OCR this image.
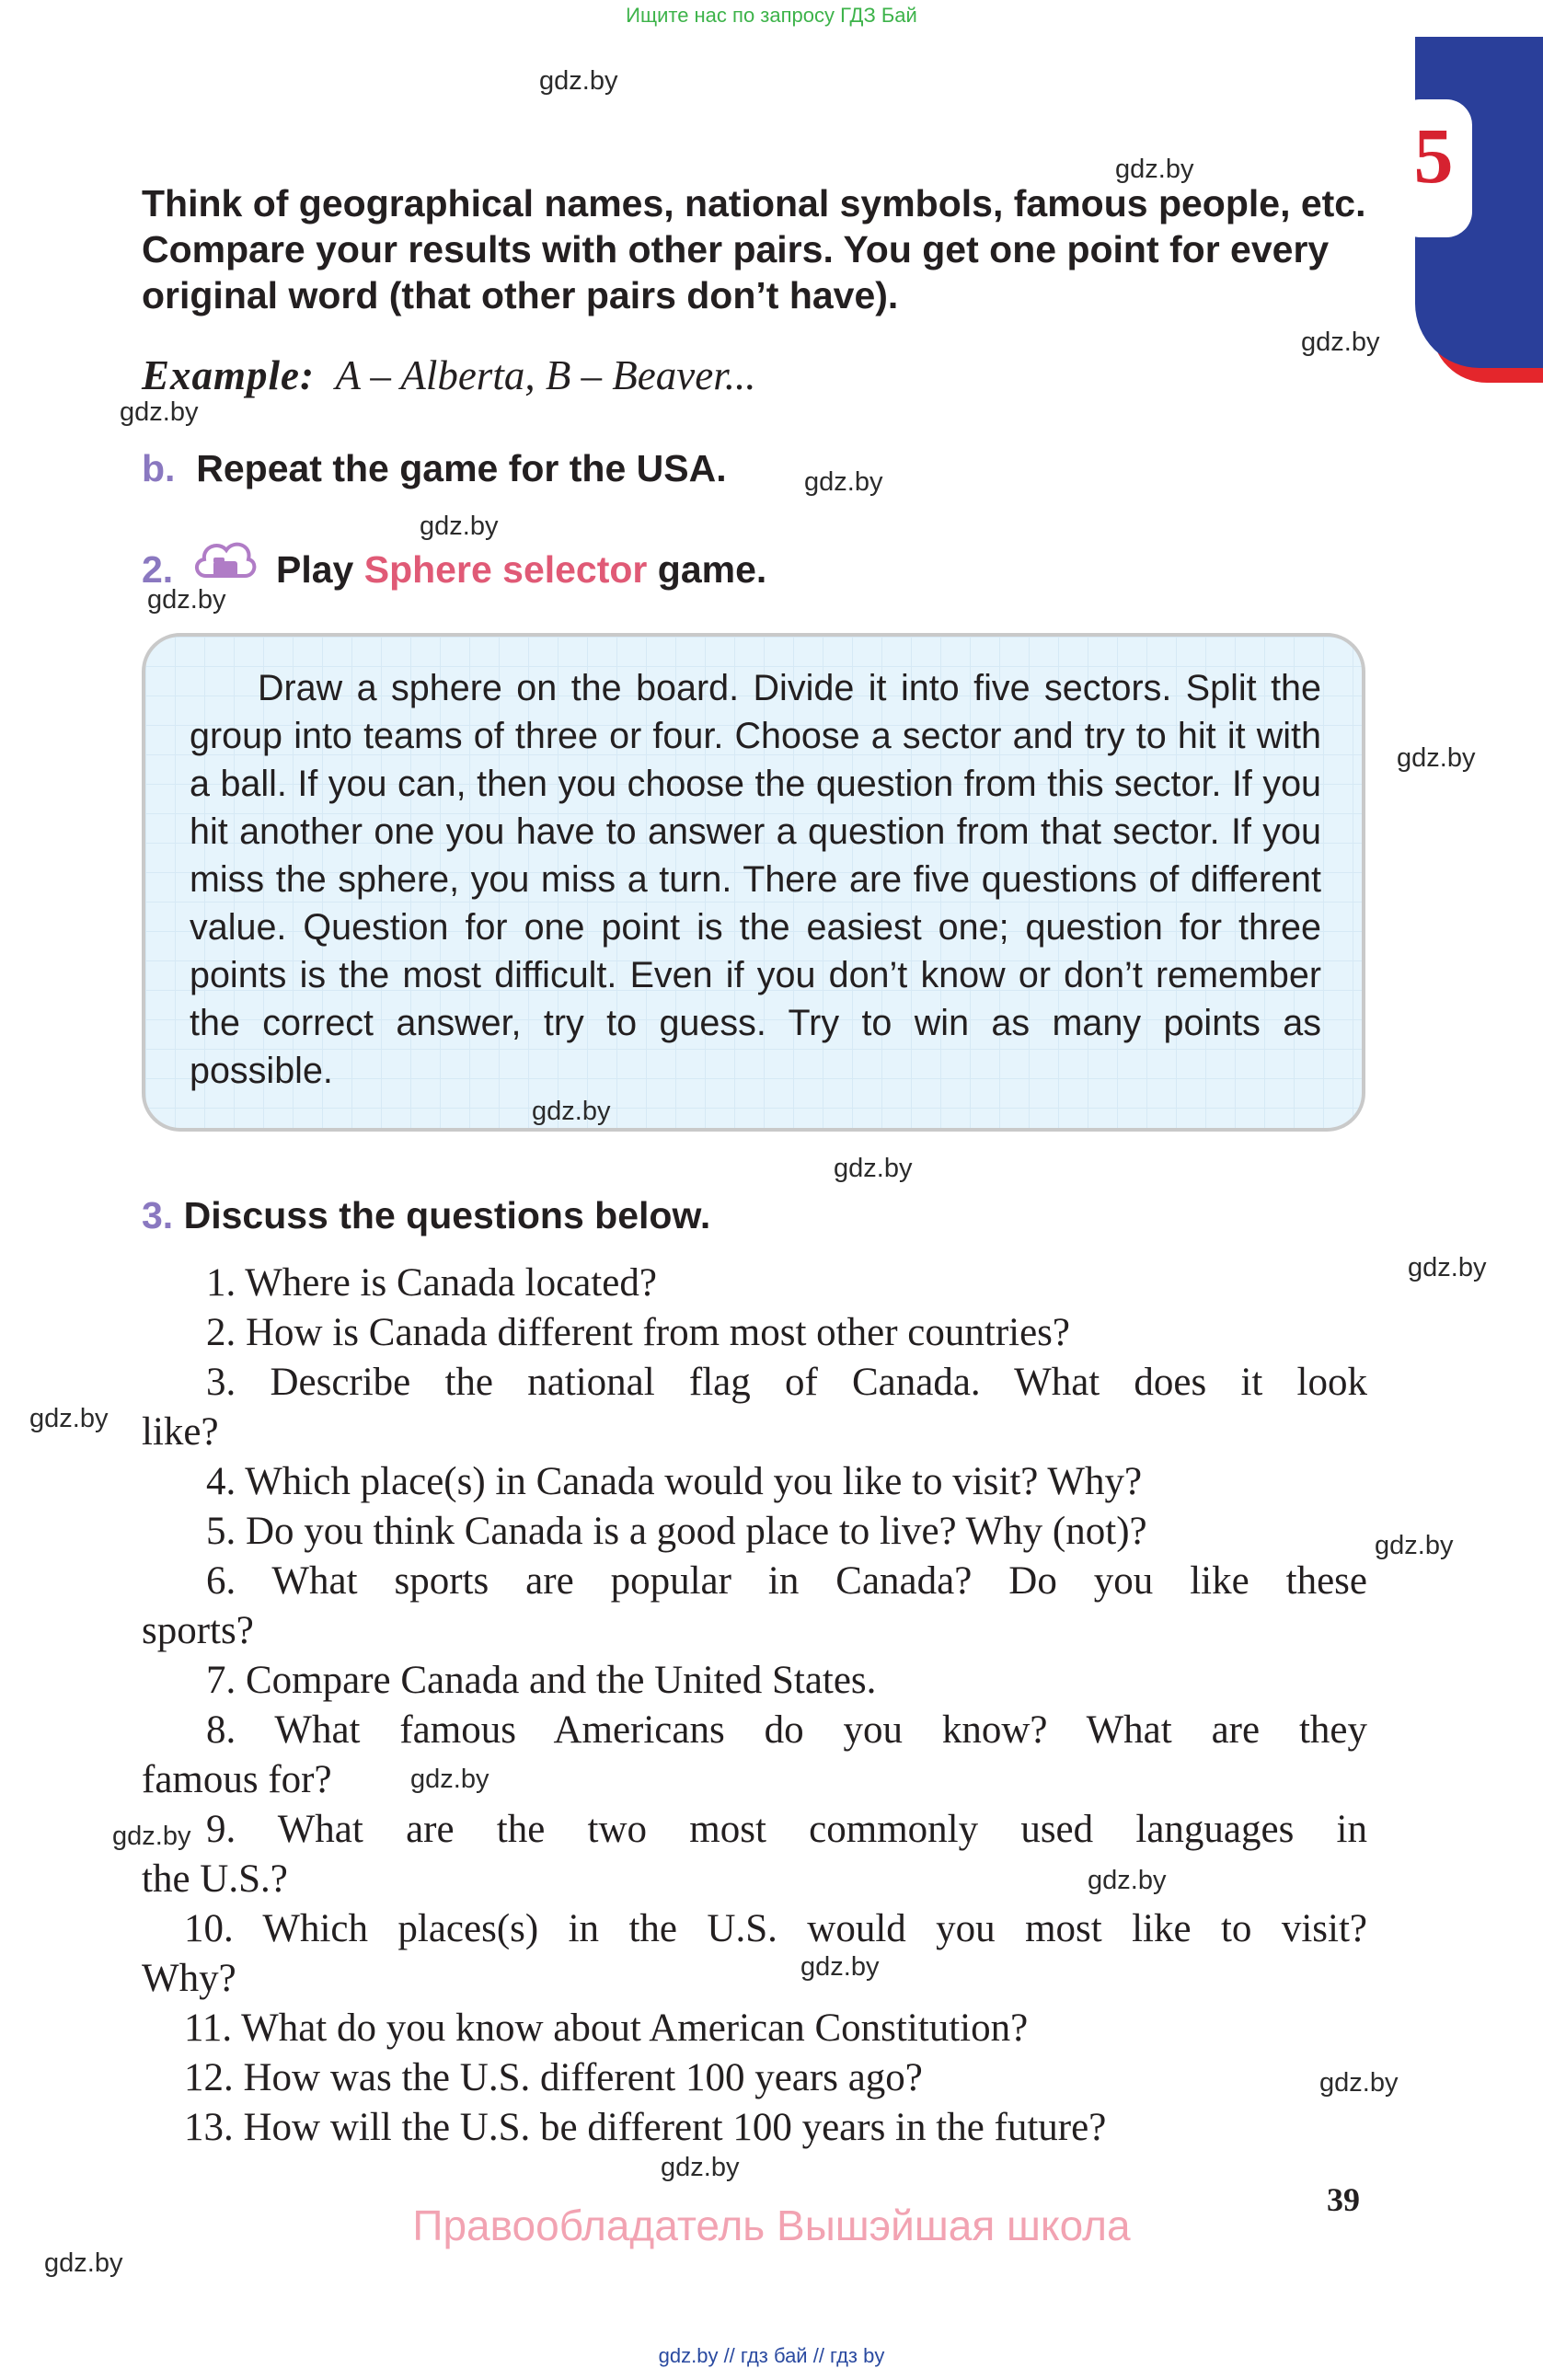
Ищите нас по запросу ГДЗ Бай
5
Think of geographical names, national symbols, famous people, etc. Compare your results with other pairs. You get one point for every original word (that other pairs don’t have).
Example: A – Alberta, B – Beaver...
b. Repeat the game for the USA.
2.	Play Sphere selector game.
Draw a sphere on the board. Divide it into five sectors. Split the group into teams of three or four. Choose a sector and try to hit it with a ball. If you can, then you choose the question from this sector. If you hit another one you have to answer a question from that sector. If you miss the sphere, you miss a turn. There are five questions of different value. Question for one point is the easiest one; question for three points is the most difficult. Even if you don’t know or don’t remember the correct answer, try to guess. Try to win as many points as possible.
3. Discuss the questions below.
1. Where is Canada located?
2. How is Canada different from most other countries?
3. Describe the national flag of Canada. What does it look
like?
4. Which place(s) in Canada would you like to visit? Why?
5. Do you think Canada is a good place to live? Why (not)?
6. What sports are popular in Canada? Do you like these
sports?
7. Compare Canada and the United States.
8. What famous Americans do you know? What are they
famous for?
9. What are the two most commonly used languages in
the U.S.?
10. Which places(s) in the U.S. would you most like to visit?
Why?
11. What do you know about American Constitution?
12. How was the U.S. different 100 years ago?
13. How will the U.S. be different 100 years in the future?
39
Правообладатель Вышэйшая школа
gdz.by // гдз бай // гдз by
gdz.by
gdz.by
gdz.by
gdz.by
gdz.by
gdz.by
gdz.by
gdz.by
gdz.by
gdz.by
gdz.by
gdz.by
gdz.by
gdz.by
gdz.by
gdz.by
gdz.by
gdz.by
gdz.by
gdz.by
